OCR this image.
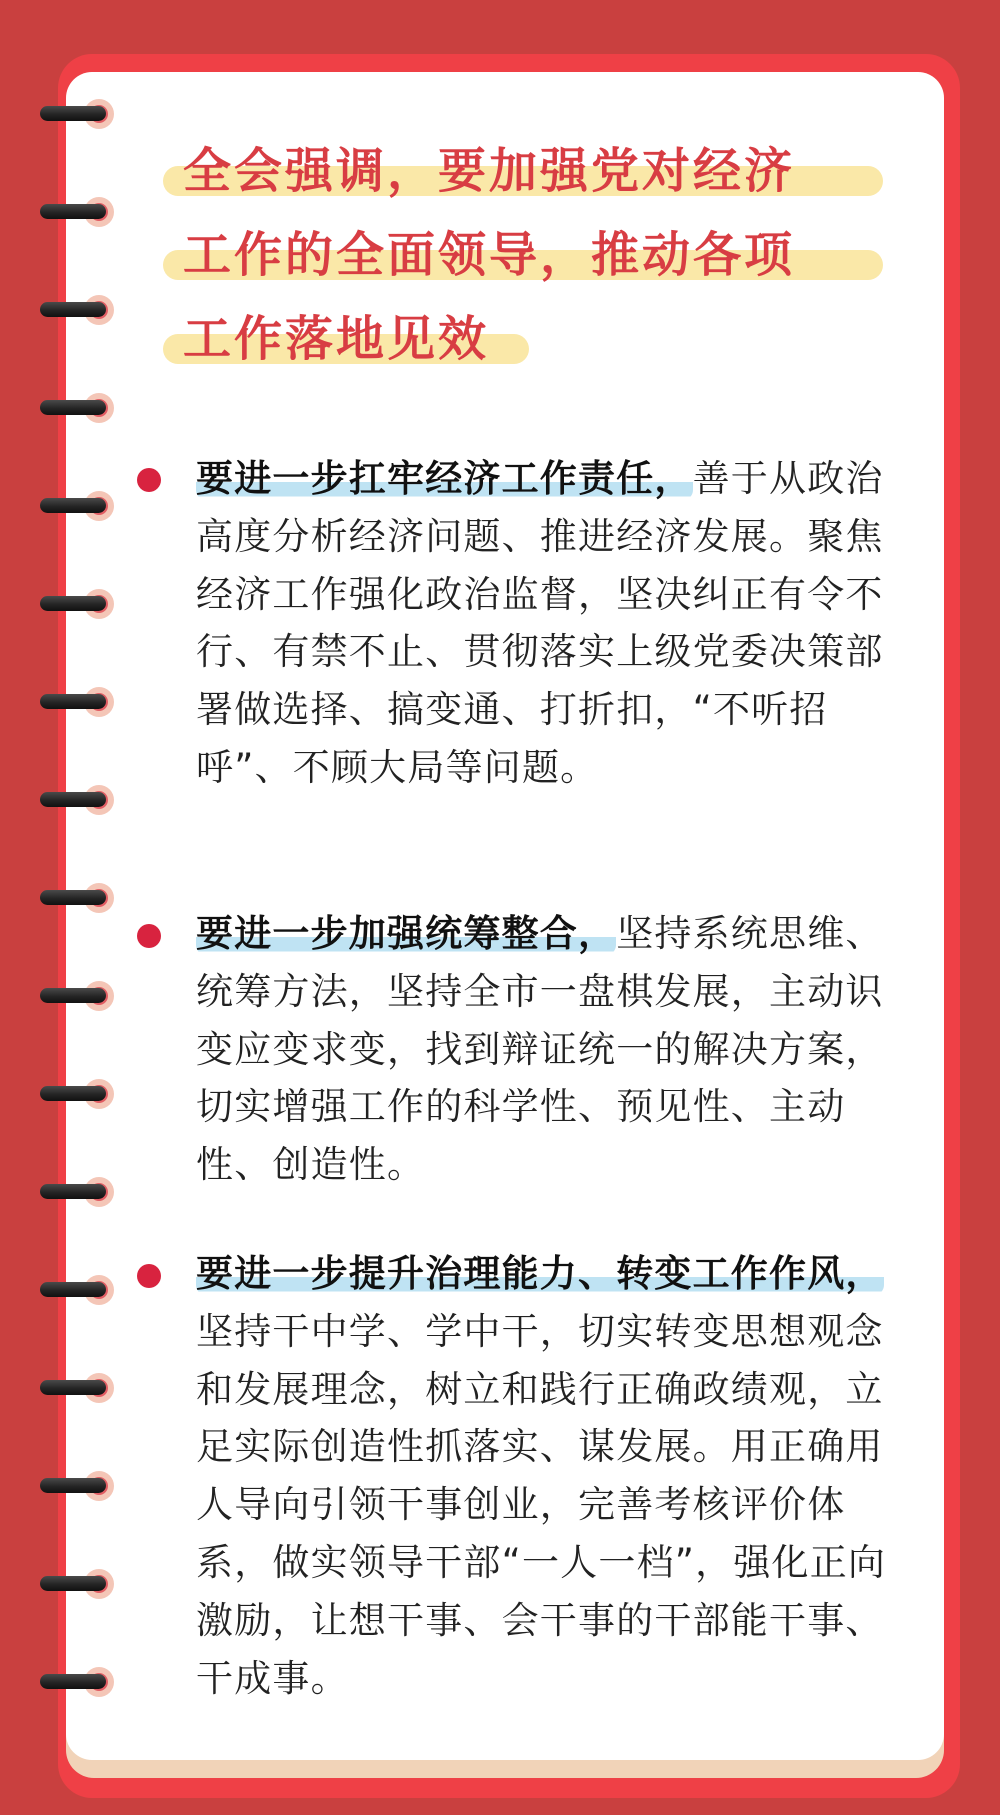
全会强调，要加强党对经济
工作的全面领导，推动各项
工作落地见效
要进一步扛牢经济工作责任，善于从政治高度分析经济问题、推进经济发展。聚焦经济工作强化政治监督，坚决纠正有令不行、有禁不止、贯彻落实上级党委决策部署做选择、搞变通、打折扣，“不听招呼”、不顾大局等问题。
要进一步加强统筹整合，坚持系统思维、统筹方法，坚持全市一盘棋发展，主动识变应变求变，找到辩证统一的解决方案，切实增强工作的科学性、预见性、主动性、创造性。
要进一步提升治理能力、转变工作作风，坚持干中学、学中干，切实转变思想观念和发展理念，树立和践行正确政绩观，立足实际创造性抓落实、谋发展。用正确用人导向引领干事创业，完善考核评价体系，做实领导干部“一人一档”，强化正向激励，让想干事、会干事的干部能干事、干成事。
